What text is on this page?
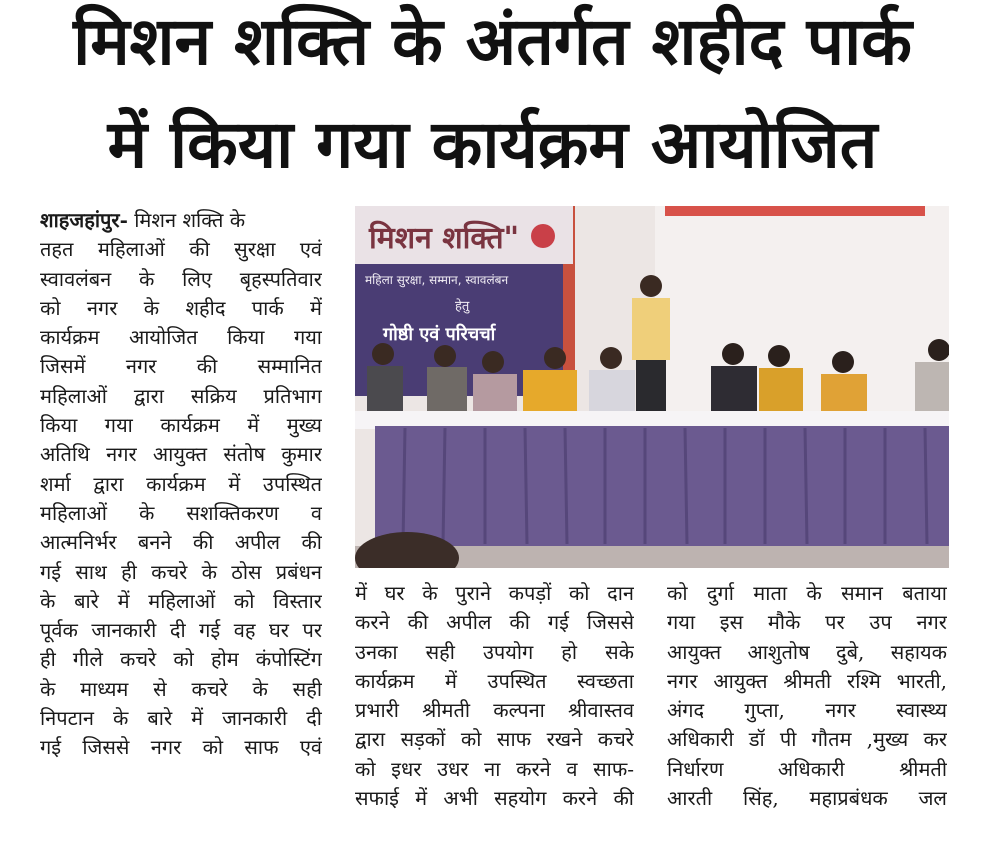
मिशन शक्ति के अंतर्गत शहीद पार्क
में किया गया कार्यक्रम आयोजित
शाहजहांपुर- मिशन शक्ति के
तहत महिलाओं की सुरक्षा एवं
स्वावलंबन के लिए बृहस्पतिवार
को नगर के शहीद पार्क में
कार्यक्रम आयोजित किया गया
जिसमें नगर की सम्मानित
महिलाओं द्वारा सक्रिय प्रतिभाग
किया गया कार्यक्रम में मुख्य
अतिथि नगर आयुक्त संतोष कुमार
शर्मा द्वारा कार्यक्रम में उपस्थित
महिलाओं के सशक्तिकरण व
आत्मनिर्भर बनने की अपील की
गई साथ ही कचरे के ठोस प्रबंधन
के बारे में महिलाओं को विस्तार
पूर्वक जानकारी दी गई वह घर पर
ही गीले कचरे को होम कंपोस्टिंग
के माध्यम से कचरे के सही
निपटान के बारे में जानकारी दी
गई जिससे नगर को साफ एवं
मिशन शक्ति"
महिला सुरक्षा, सम्मान, स्वावलंबन
हेतु
गोष्ठी एवं परिचर्चा
में घर के पुराने कपड़ों को दान
करने की अपील की गई जिससे
उनका सही उपयोग हो सके
कार्यक्रम में उपस्थित स्वच्छता
प्रभारी श्रीमती कल्पना श्रीवास्तव
द्वारा सड़कों को साफ रखने कचरे
को इधर उधर ना करने व साफ-
सफाई में अभी सहयोग करने की
को दुर्गा माता के समान बताया
गया इस मौके पर उप नगर
आयुक्त आशुतोष दुबे, सहायक
नगर आयुक्त श्रीमती रश्मि भारती,
अंगद गुप्ता, नगर स्वास्थ्य
अधिकारी डॉ पी गौतम ,मुख्य कर
निर्धारण अधिकारी श्रीमती
आरती सिंह, महाप्रबंधक जल
